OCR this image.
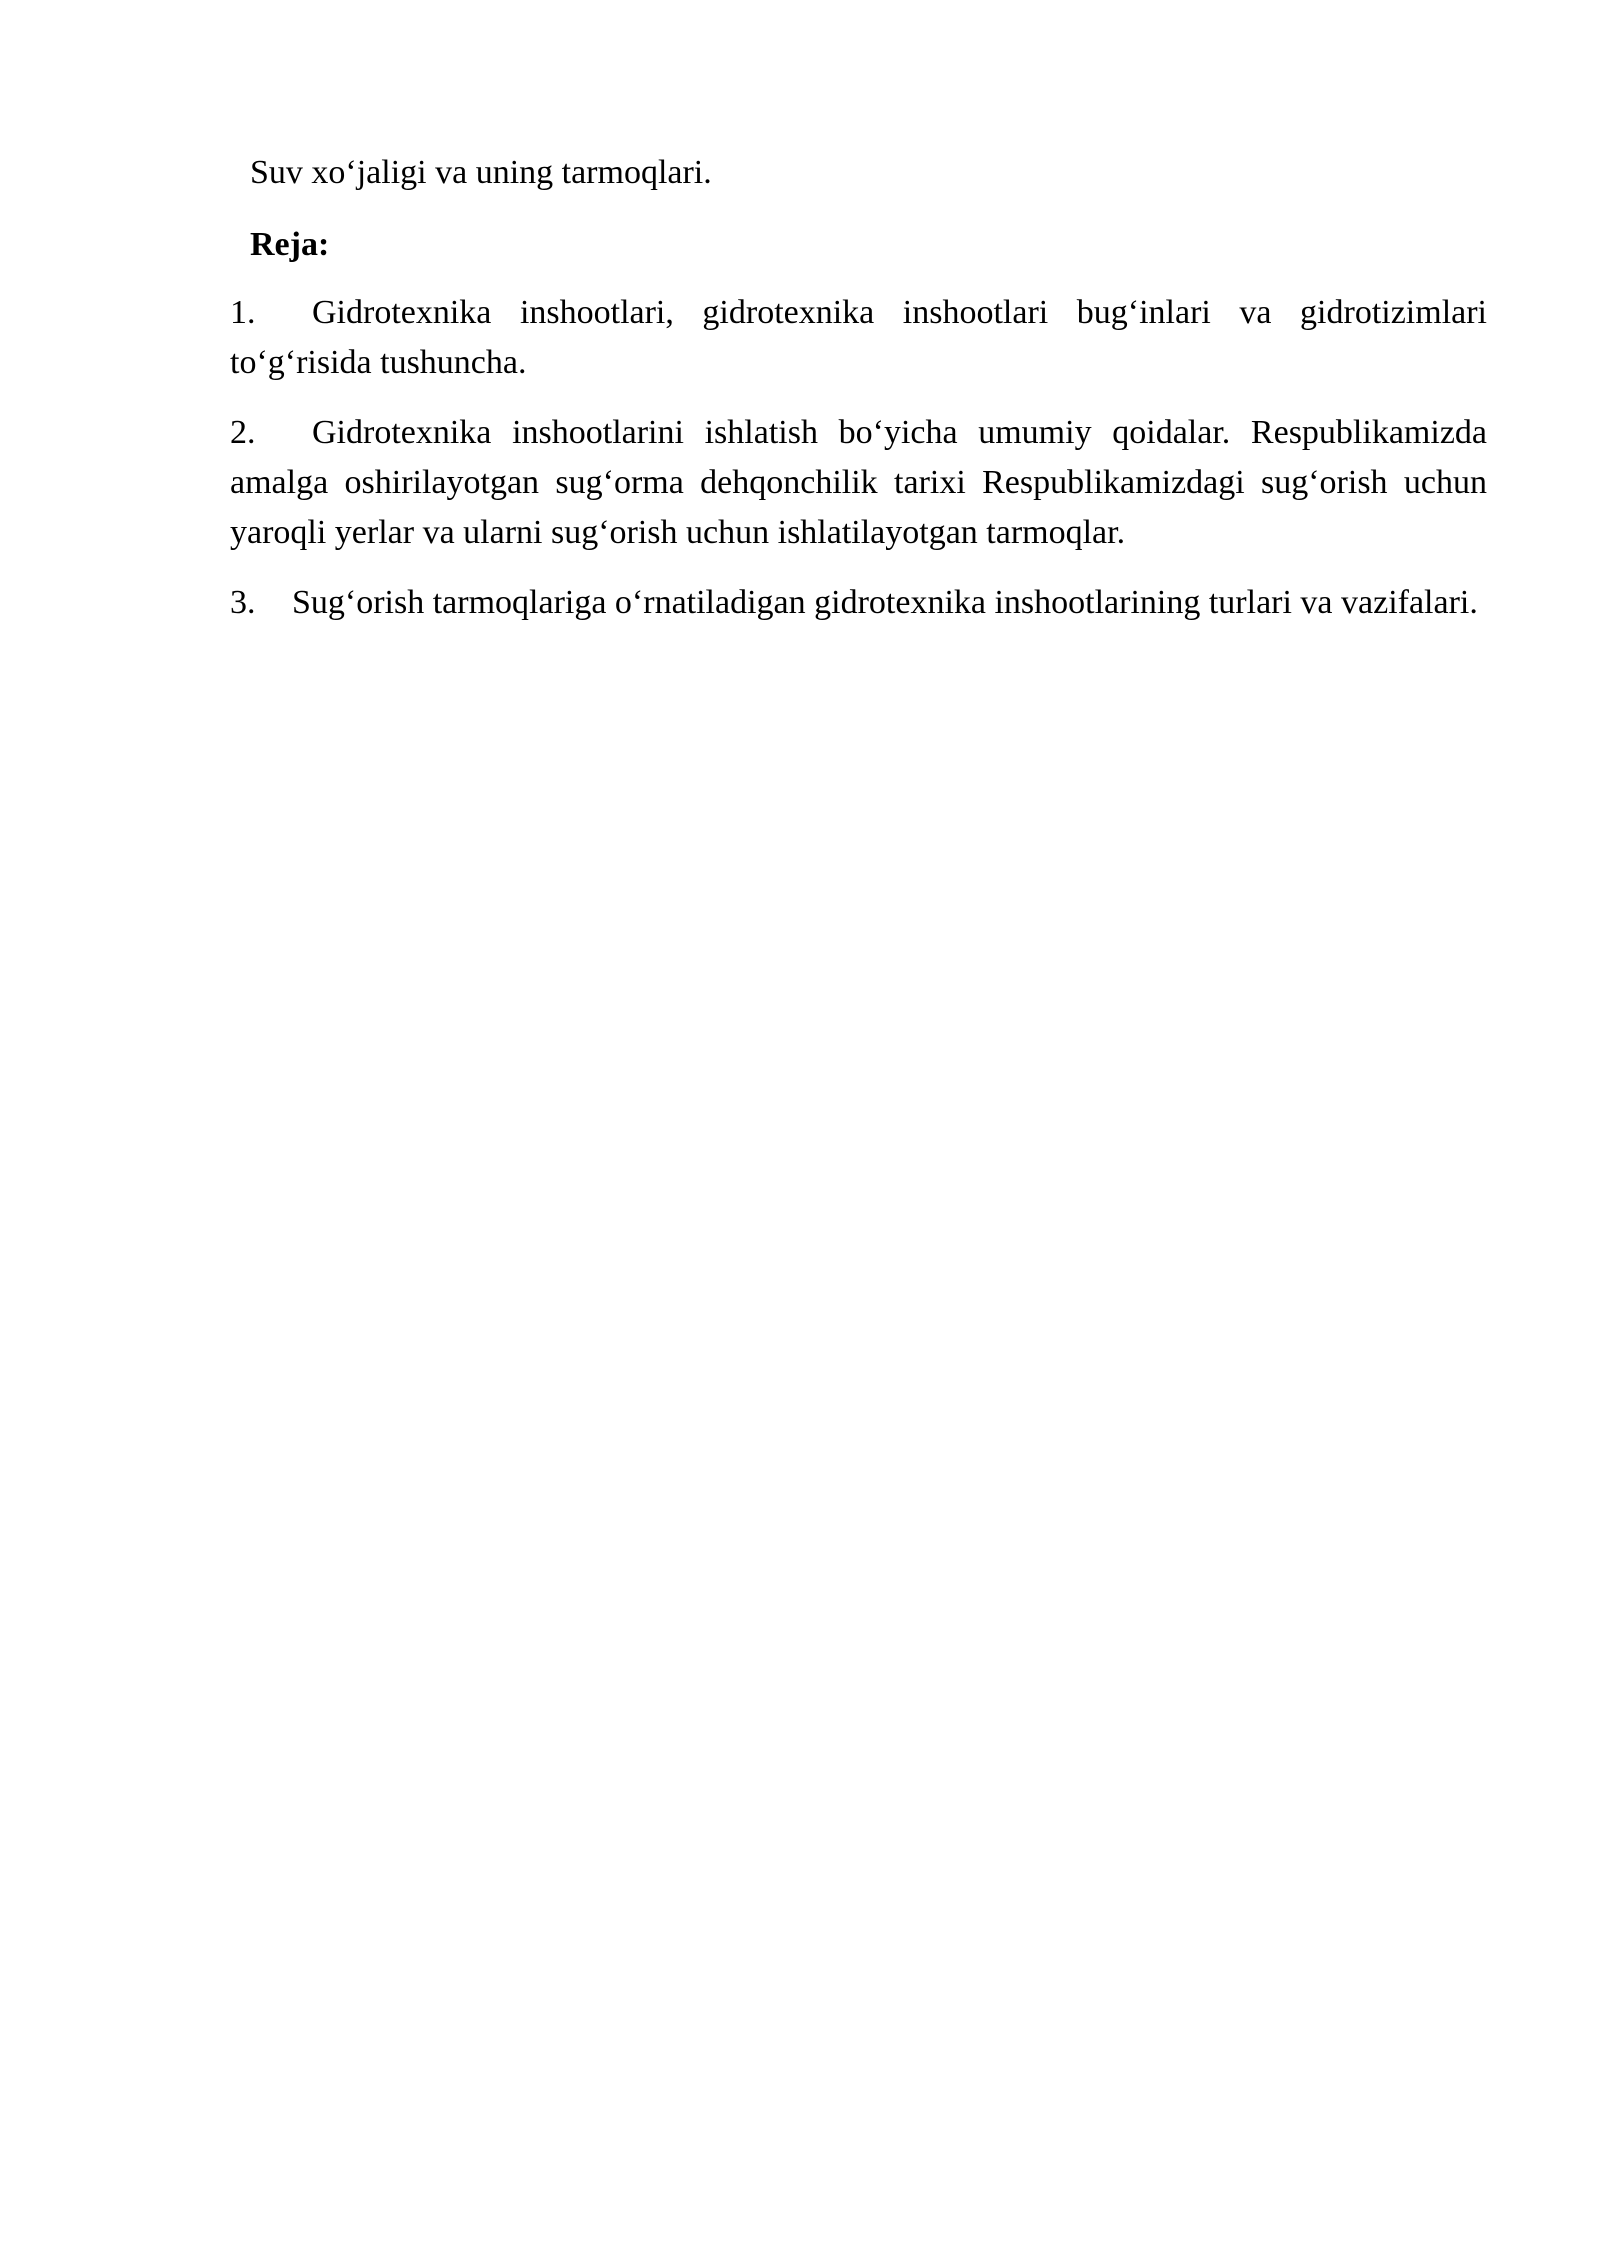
Suv xo‘jaligi va uning tarmoqlari.

Reja:

1. Gidrotexnika inshootlari, gidrotexnika inshootlari bug‘inlari va gidrotizimlari to‘g‘risida tushuncha.

2. Gidrotexnika inshootlarini ishlatish bo‘yicha umumiy qoidalar. Respublikamizda amalga oshirilayotgan sug‘orma dehqonchilik tarixi Respublikamizdagi sug‘orish uchun yaroqli yerlar va ularni sug‘orish uchun ishlatilayotgan tarmoqlar.

3. Sug‘orish tarmoqlariga o‘rnatiladigan gidrotexnika inshootlarining turlari va vazifalari.
